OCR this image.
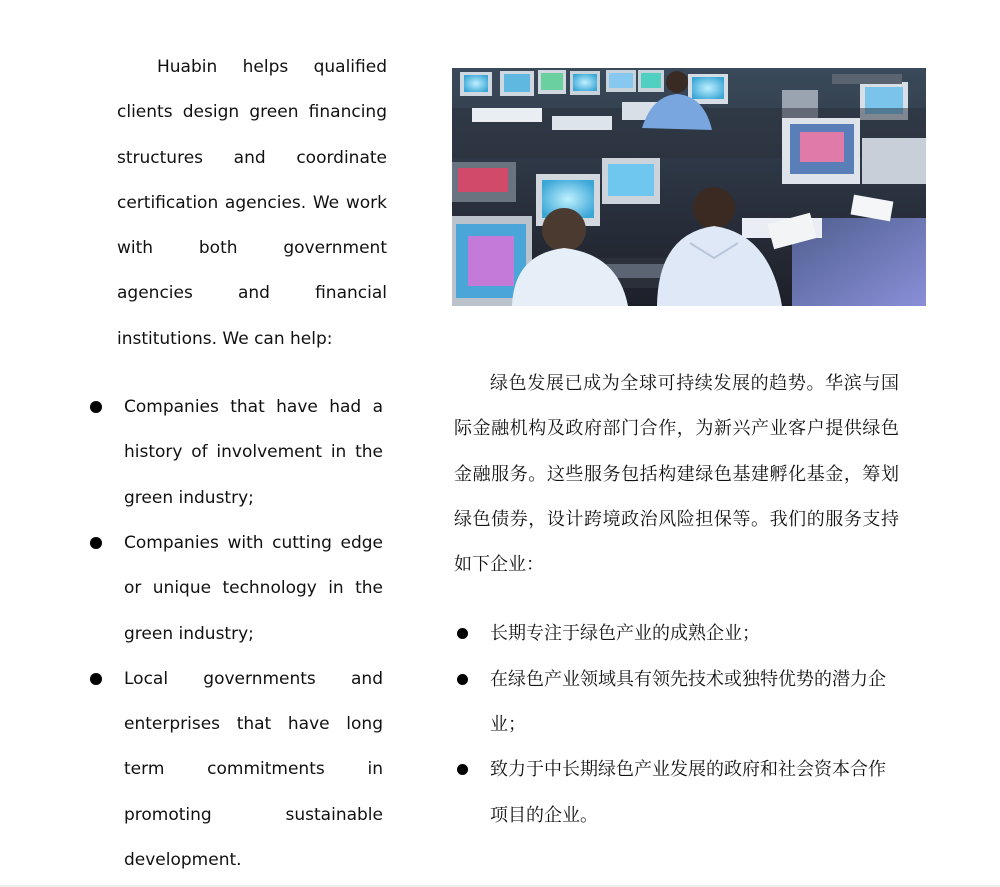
Huabin helps qualified clients design green financing structures and coordinate certification agencies. We work with both government agencies and financial institutions. We can help:

Companies that have had a history of involvement in the green industry;
Companies with cutting edge or unique technology in the green industry;
Local governments and enterprises that have long term commitments in promoting sustainable development.

绿色发展已成为全球可持续发展的趋势。华滨与国际金融机构及政府部门合作，为新兴产业客户提供绿色金融服务。这些服务包括构建绿色基建孵化基金，筹划绿色债券，设计跨境政治风险担保等。我们的服务支持如下企业：

长期专注于绿色产业的成熟企业；
在绿色产业领域具有领先技术或独特优势的潜力企业；
致力于中长期绿色产业发展的政府和社会资本合作项目的企业。
